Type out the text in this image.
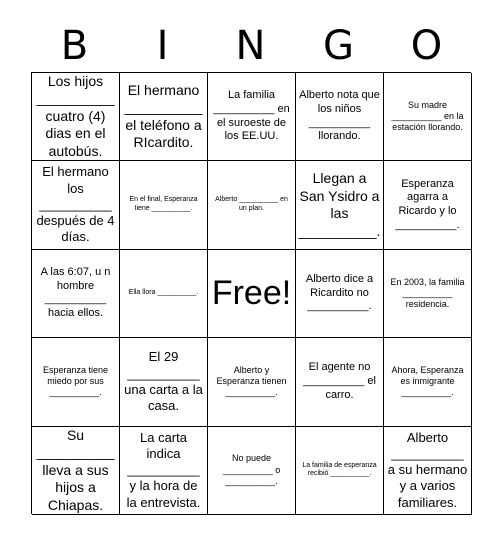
B	I	N	G	O
Los hijos __________ cuatro (4) dias en el autobús.
El hermano __________ el teléfono a RIcardito.
La familia __________ en el suroeste de los EE.UU.
Alberto nota que los niños __________ llorando.
Su madre __________ en la estación llorando.
El hermano los __________ después de 4 días.
En el final, Esperanza tiene __________.
Alberto __________ en un plan.
Llegan a San Ysidro a las __________.
Esperanza agarra a Ricardo y lo __________.
A las 6:07, u n hombre __________ hacia ellos.
Ella llora __________. Free!	Alberto dice a Ricardito no __________.
En 2003, la familia __________ residencia.
Esperanza tiene miedo por sus __________.
El 29 __________ una carta a la casa.
Alberto y Esperanza tienen __________.
El agente no __________ el carro.
Ahora, Esperanza es inmigrante __________.
Su __________ lleva a sus hijos a Chiapas.
La carta indica __________ y la hora de la entrevista.
No puede __________ o __________.
La familia de esperanza recibió __________.
Alberto __________ a su hermano y a varios familiares.
